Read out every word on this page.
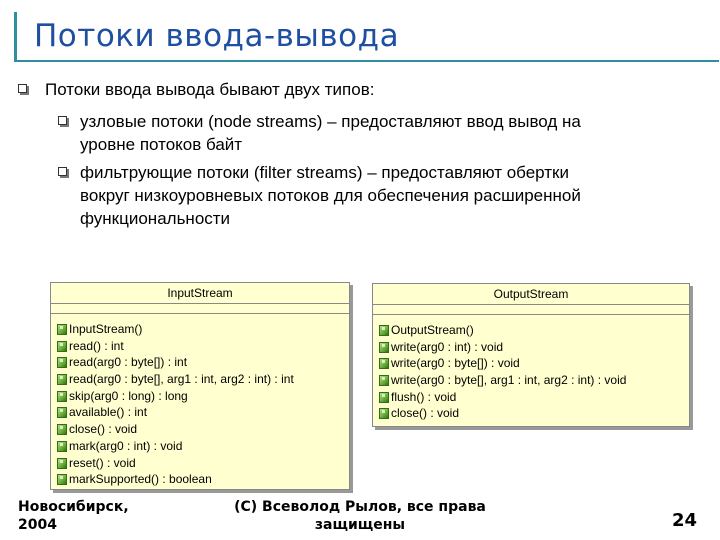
Потоки ввода-вывода
Потоки ввода вывода бывают двух типов:
узловые потоки (node streams) – предоставляют ввод вывод на
уровне потоков байт
фильтрующие потоки (filter streams) – предоставляют обертки
вокруг низкоуровневых потоков для обеспечения расширенной
функциональности
InputStream
InputStream()
read() : int
read(arg0 : byte[]) : int
read(arg0 : byte[], arg1 : int, arg2 : int) : int
skip(arg0 : long) : long
available() : int
close() : void
mark(arg0 : int) : void
reset() : void
markSupported() : boolean
OutputStream
OutputStream()
write(arg0 : int) : void
write(arg0 : byte[]) : void
write(arg0 : byte[], arg1 : int, arg2 : int) : void
flush() : void
close() : void
Новосибирск,
2004
(C) Всеволод Рылов, все права
защищены	24
